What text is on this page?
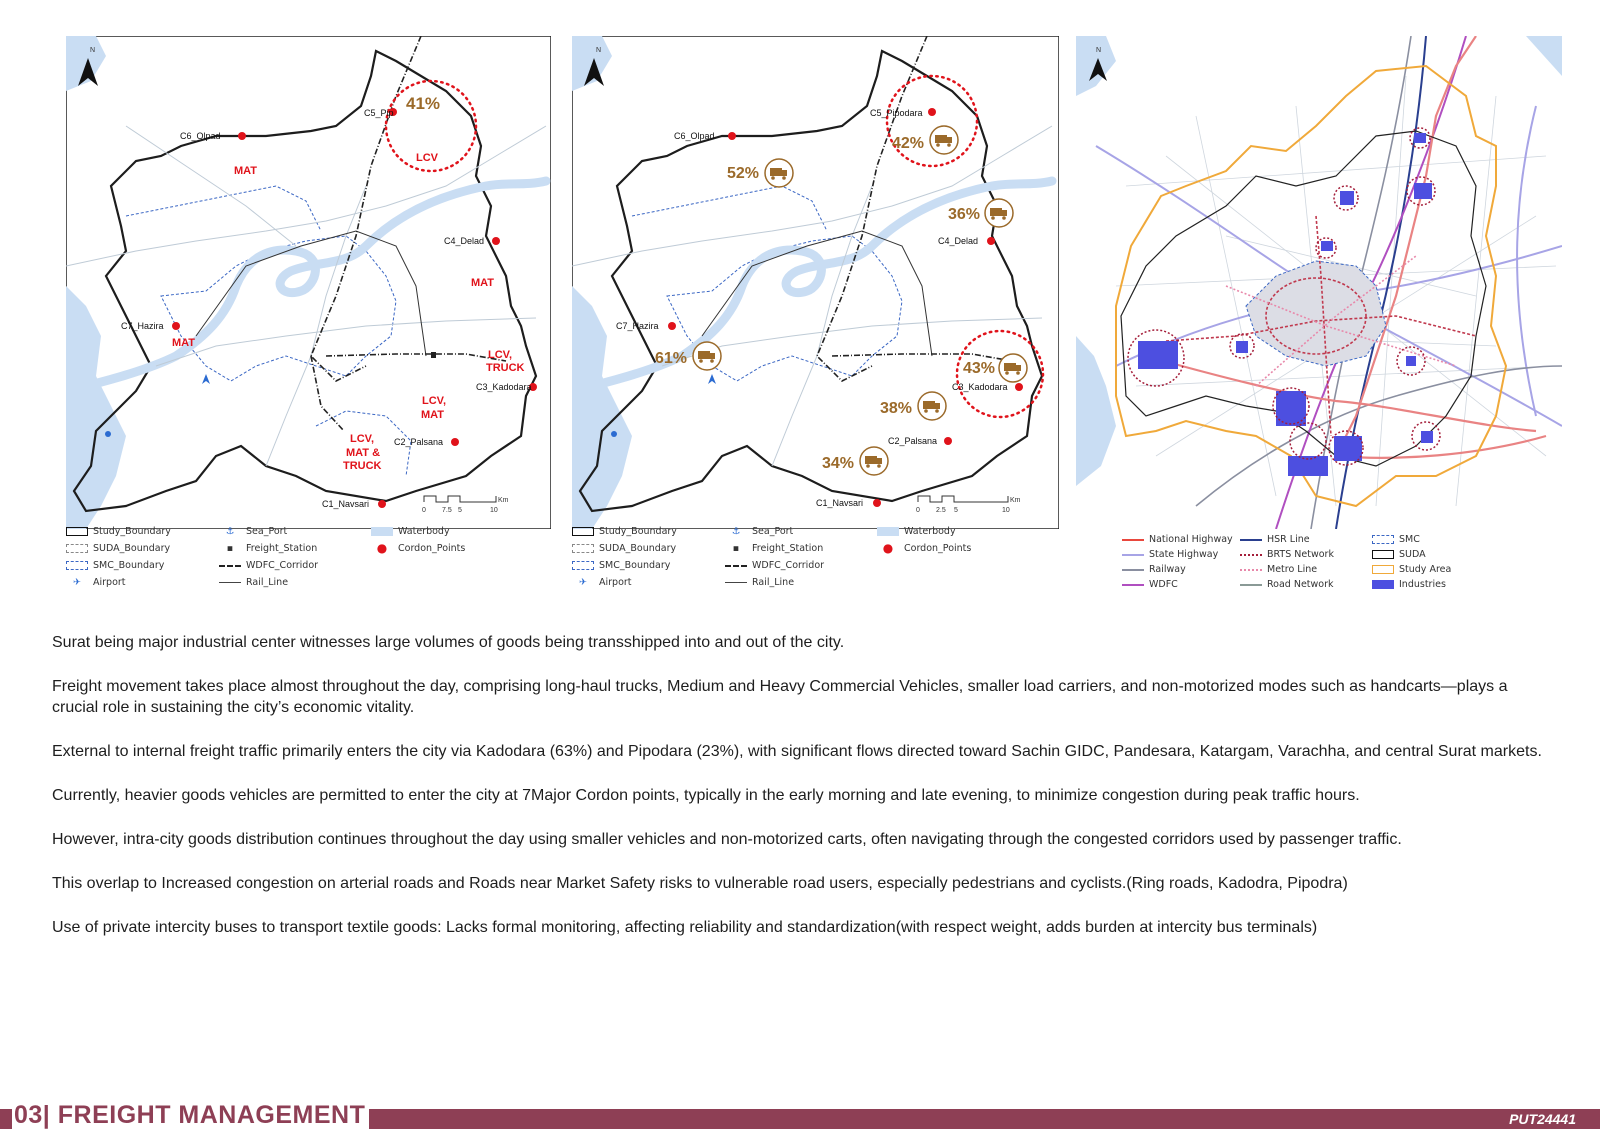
N
41%
LCV
C5_Pip
C6_Olpad
C4_Delad
C7_Hazira
C3_Kadodara
C2_Palsana
C1_Navsari
MAT
MAT
MAT
LCV,
TRUCK
LCV,
MAT
LCV,
MAT &
TRUCK
0 7.5 5	10
Km
N
42%
52%
36%
61%
43%
38%
34%
C5_Pipodara
C6_Olpad
C4_Delad
C7_Hazira
C3_Kadodara
C2_Palsana
C1_Navsari
0 2.5 5	10
Km
N
Study_Boundary
SUDA_Boundary
SMC_Boundary
✈	Airport
⚓	Sea_Port
▪	Freight_Station
WDFC_Corridor
Rail_Line
Waterbody
●	Cordon_Points
Study_Boundary
SUDA_Boundary
SMC_Boundary
✈	Airport
⚓	Sea_Port
▪	Freight_Station
WDFC_Corridor
Rail_Line
Waterbody
●	Cordon_Points
National Highway
State Highway
Railway
WDFC
HSR Line
BRTS Network
Metro Line
Road Network
SMC
SUDA
Study Area
Industries

Surat being major industrial center witnesses large volumes of goods being transshipped into and out of the city.

Freight movement takes place almost throughout the day, comprising long-haul trucks, Medium and Heavy Commercial Vehicles, smaller load carriers, and non-motorized modes such as handcarts—plays a crucial role in sustaining the city’s economic vitality.

External to internal freight traffic primarily enters the city via Kadodara (63%) and Pipodara (23%), with significant flows directed toward Sachin GIDC, Pandesara, Katargam, Varachha, and central Surat markets.

Currently, heavier goods vehicles are permitted to enter the city at 7Major Cordon points, typically in the early morning and late evening, to minimize congestion during peak traffic hours.

However, intra-city goods distribution continues throughout the day using smaller vehicles and non-motorized carts, often navigating through the congested corridors used by passenger traffic.

This overlap to Increased congestion on arterial roads and Roads near Market Safety risks to vulnerable road users, especially pedestrians and cyclists.(Ring roads, Kadodra, Pipodra)

Use of private intercity buses to transport textile goods: Lacks formal monitoring, affecting reliability and standardization(with respect weight, adds burden at intercity bus terminals)

03| FREIGHT MANAGEMENT	PUT24441
